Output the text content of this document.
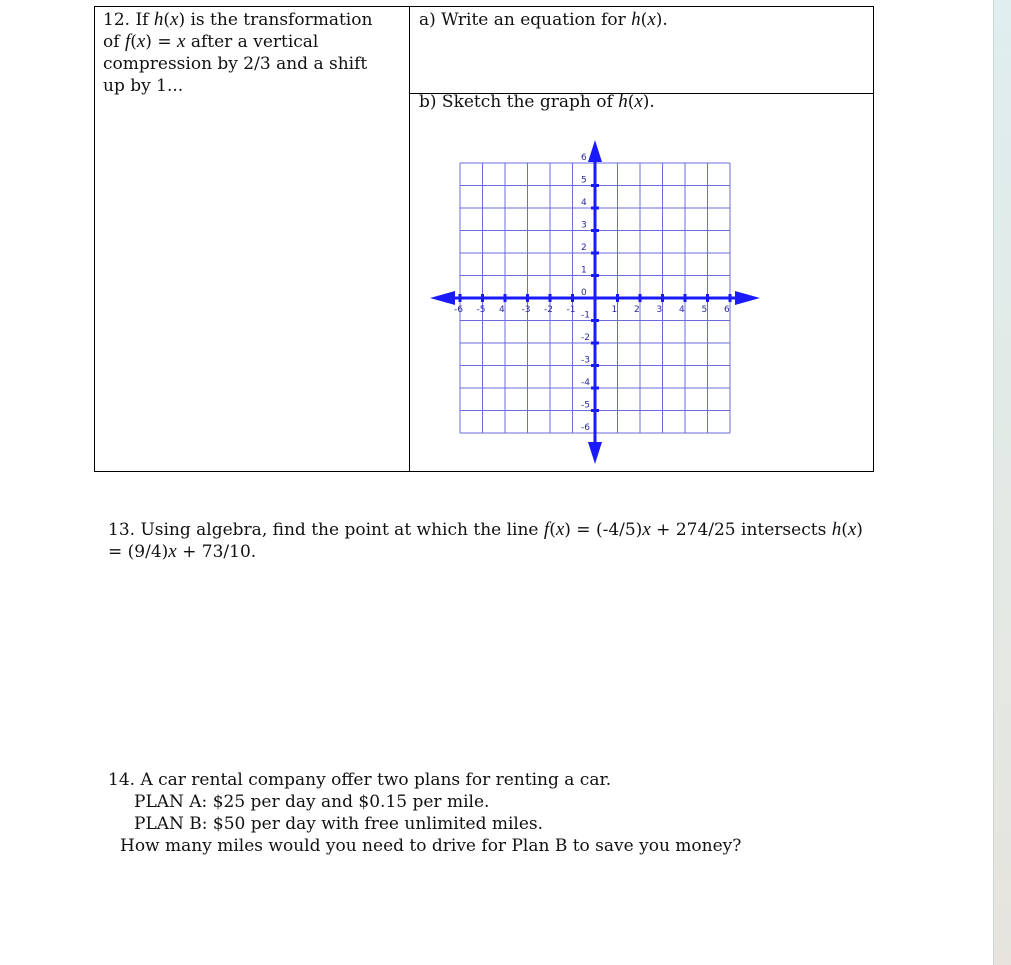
12. If h(x) is the transformation
of f(x) = x after a vertical
compression by 2/3 and a shift
up by 1...
a) Write an equation for h(x).
b) Sketch the graph of h(x).
-6 -5 4 -3 -2 -1	1 2 3 4 5 6
6
5
4
3
2
1
0
-1
-2
-3
-4
-5
-6
13. Using algebra, find the point at which the line f(x) = (-4/5)x + 274/25 intersects h(x)
= (9/4)x + 73/10.
14. A car rental company offer two plans for renting a car.
PLAN A: $25 per day and $0.15 per mile.
PLAN B: $50 per day with free unlimited miles.
How many miles would you need to drive for Plan B to save you money?
